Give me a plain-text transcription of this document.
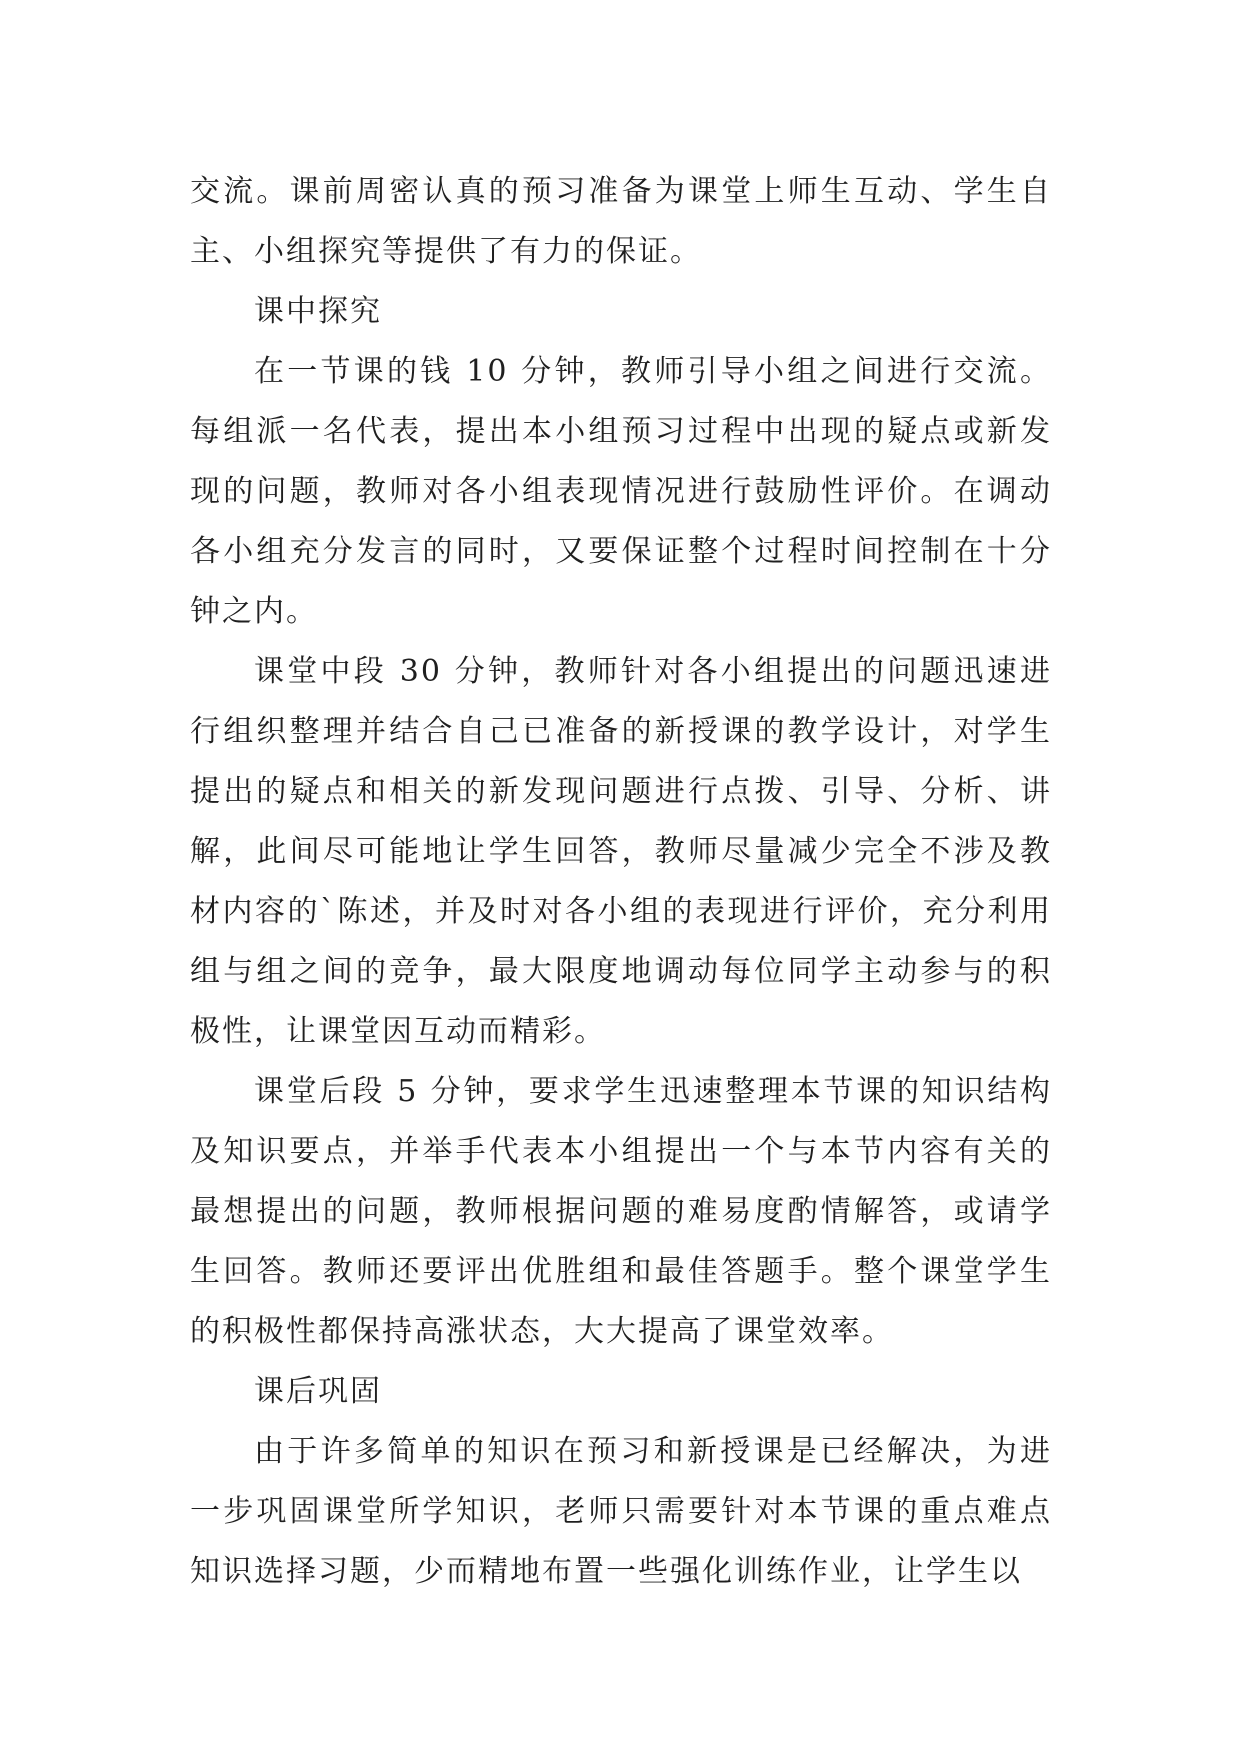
交流。课前周密认真的预习准备为课堂上师生互动、学生自主、小组探究等提供了有力的保证。

课中探究

在一节课的钱 10 分钟，教师引导小组之间进行交流。每组派一名代表，提出本小组预习过程中出现的疑点或新发现的问题，教师对各小组表现情况进行鼓励性评价。在调动各小组充分发言的同时，又要保证整个过程时间控制在十分钟之内。

课堂中段 30 分钟，教师针对各小组提出的问题迅速进行组织整理并结合自己已准备的新授课的教学设计，对学生提出的疑点和相关的新发现问题进行点拨、引导、分析、讲解，此间尽可能地让学生回答，教师尽量减少完全不涉及教材内容的`陈述，并及时对各小组的表现进行评价，充分利用组与组之间的竞争，最大限度地调动每位同学主动参与的积极性，让课堂因互动而精彩。

课堂后段 5 分钟，要求学生迅速整理本节课的知识结构及知识要点，并举手代表本小组提出一个与本节内容有关的最想提出的问题，教师根据问题的难易度酌情解答，或请学生回答。教师还要评出优胜组和最佳答题手。整个课堂学生的积极性都保持高涨状态，大大提高了课堂效率。

课后巩固

由于许多简单的知识在预习和新授课是已经解决，为进一步巩固课堂所学知识，老师只需要针对本节课的重点难点知识选择习题，少而精地布置一些强化训练作业，让学生以
